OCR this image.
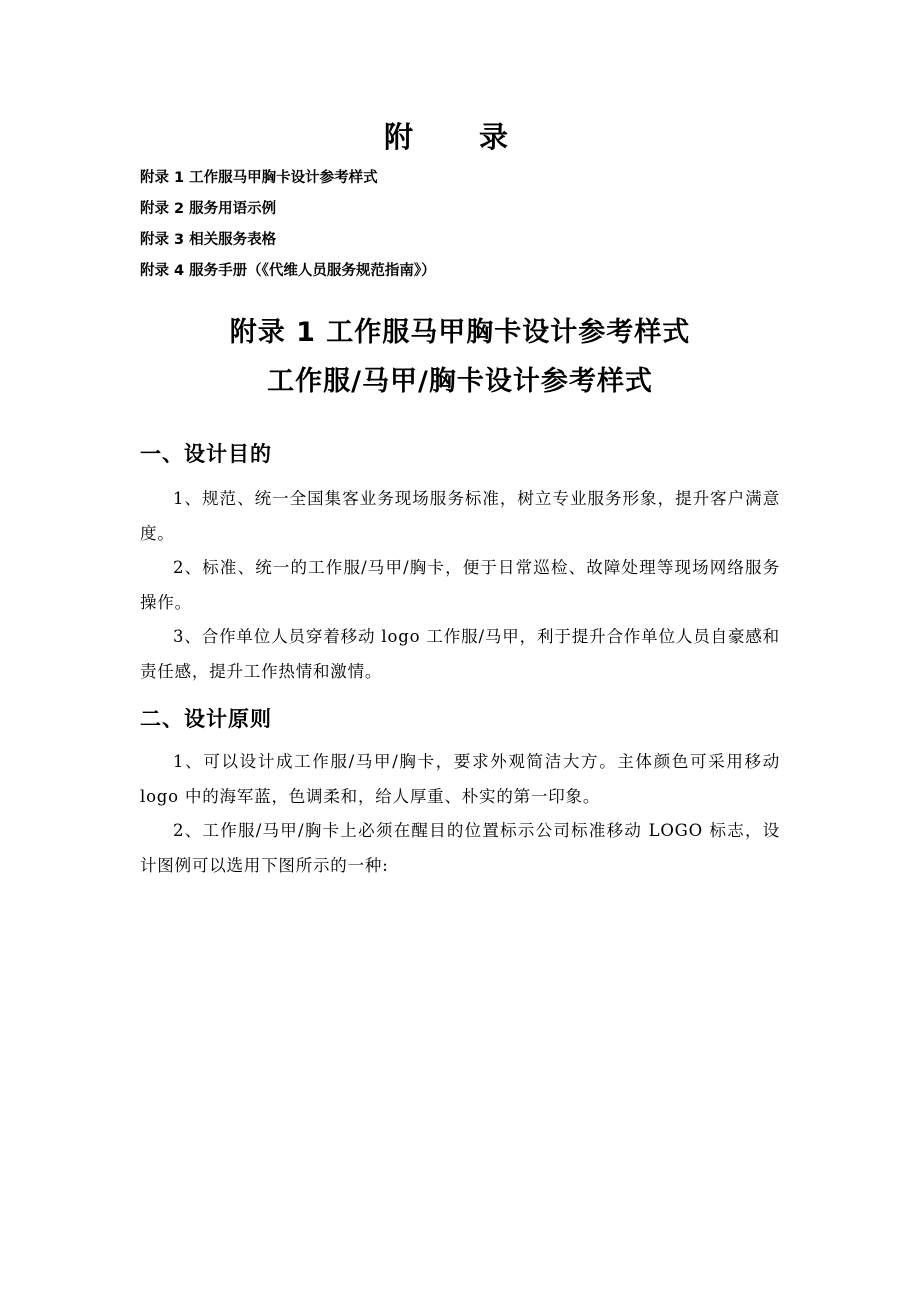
附 录
附录 1 工作服马甲胸卡设计参考样式
附录 2 服务用语示例
附录 3 相关服务表格
附录 4 服务手册（《代维人员服务规范指南》）
附录 1 工作服马甲胸卡设计参考样式
工作服/马甲/胸卡设计参考样式
一、设计目的

1、规范、统一全国集客业务现场服务标准，树立专业服务形象，提升客户满意度。

2、标准、统一的工作服/马甲/胸卡，便于日常巡检、故障处理等现场网络服务操作。

3、合作单位人员穿着移动 logo 工作服/马甲，利于提升合作单位人员自豪感和责任感，提升工作热情和激情。

二、设计原则

1、可以设计成工作服/马甲/胸卡，要求外观简洁大方。主体颜色可采用移动 logo 中的海军蓝，色调柔和，给人厚重、朴实的第一印象。

2、工作服/马甲/胸卡上必须在醒目的位置标示公司标准移动 LOGO 标志，设计图例可以选用下图所示的一种:
